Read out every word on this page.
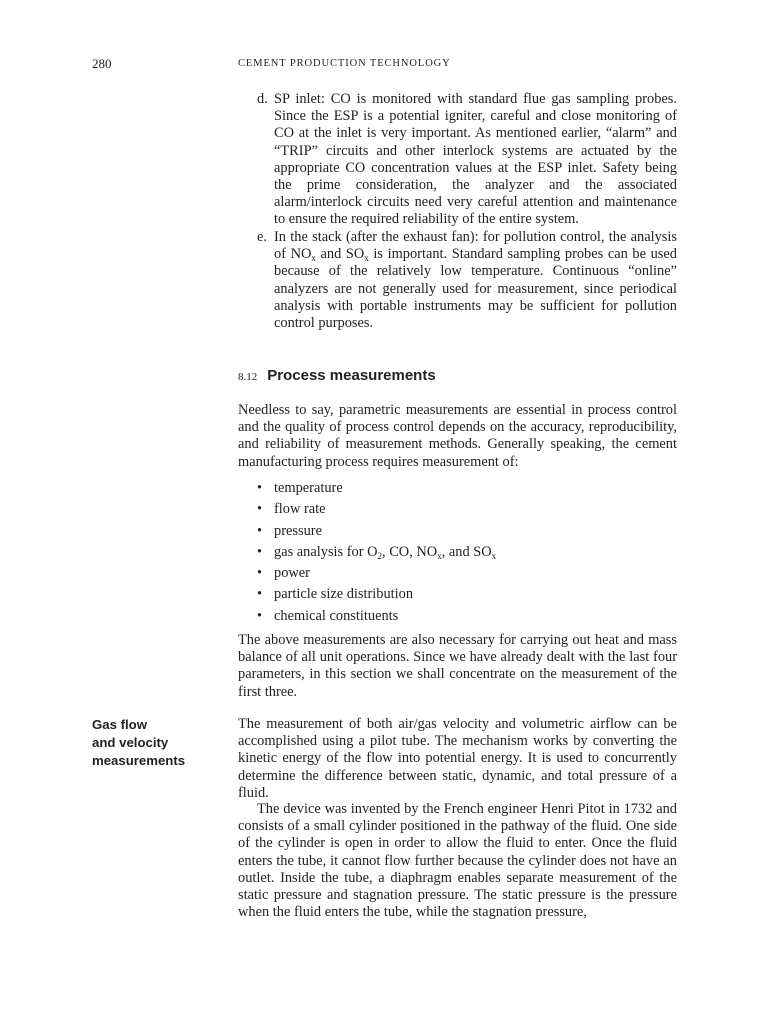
280	CEMENT PRODUCTION TECHNOLOGY
d. SP inlet: CO is monitored with standard flue gas sampling probes. Since the ESP is a potential igniter, careful and close monitoring of CO at the inlet is very important. As mentioned earlier, “alarm” and “TRIP” circuits and other interlock systems are actuated by the appropriate CO concentration values at the ESP inlet. Safety being the prime consideration, the analyzer and the associated alarm/interlock circuits need very careful attention and maintenance to ensure the required reliability of the entire system.
e. In the stack (after the exhaust fan): for pollution control, the analysis of $NO_x$ and $SO_x$ is important. Standard sampling probes can be used because of the relatively low temperature. Continuous “online” analyzers are not generally used for measurement, since periodical analysis with portable instruments may be sufficient for pollution control purposes.
8.12 Process measurements
Needless to say, parametric measurements are essential in process control and the quality of process control depends on the accuracy, reproducibility, and reliability of measurement methods. Generally speaking, the cement manufacturing process requires measurement of:
• temperature
• flow rate
• pressure
• gas analysis for $O_2$, CO, $NO_x$, and $SO_x$
• power
• particle size distribution
• chemical constituents
The above measurements are also necessary for carrying out heat and mass balance of all unit operations. Since we have already dealt with the last four parameters, in this section we shall concentrate on the measurement of the first three.
Gas flow
and velocity
measurements
The measurement of both air/gas velocity and volumetric airflow can be accomplished using a pilot tube. The mechanism works by converting the kinetic energy of the flow into potential energy. It is used to concurrently determine the difference between static, dynamic, and total pressure of a fluid.
The device was invented by the French engineer Henri Pitot in 1732 and consists of a small cylinder positioned in the pathway of the fluid. One side of the cylinder is open in order to allow the fluid to enter. Once the fluid enters the tube, it cannot flow further because the cylinder does not have an outlet. Inside the tube, a diaphragm enables separate measurement of the static pressure and stagnation pressure. The static pressure is the pressure when the fluid enters the tube, while the stagnation pressure,
